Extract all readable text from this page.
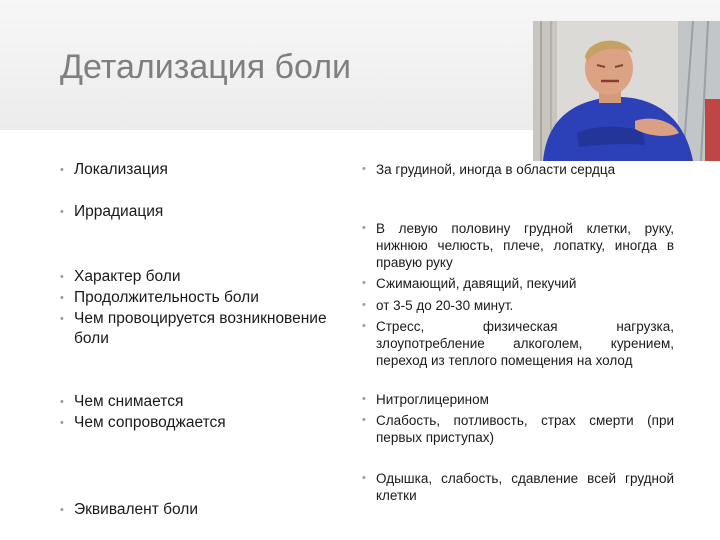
Детализация боли
• Локализация
• Иррадиация
• Характер боли
• Продолжительность боли
• Чем провоцируется возникновение боли
• Чем снимается
• Чем сопроводжается
• Эквивалент боли
• За грудиной, иногда в области сердца
• В левую половину грудной клетки, руку, нижнюю челюсть, плече, лопатку, иногда в правую руку
• Сжимающий, давящий, пекучий
• от 3-5 до 20-30 минут.
• Стресс, физическая нагрузка, злоупотребление алкоголем, курением, переход из теплого помещения на холод
• Нитроглицерином
• Слабость, потливость, страх смерти (при первых приступах)
• Одышка, слабость, сдавление всей грудной клетки
